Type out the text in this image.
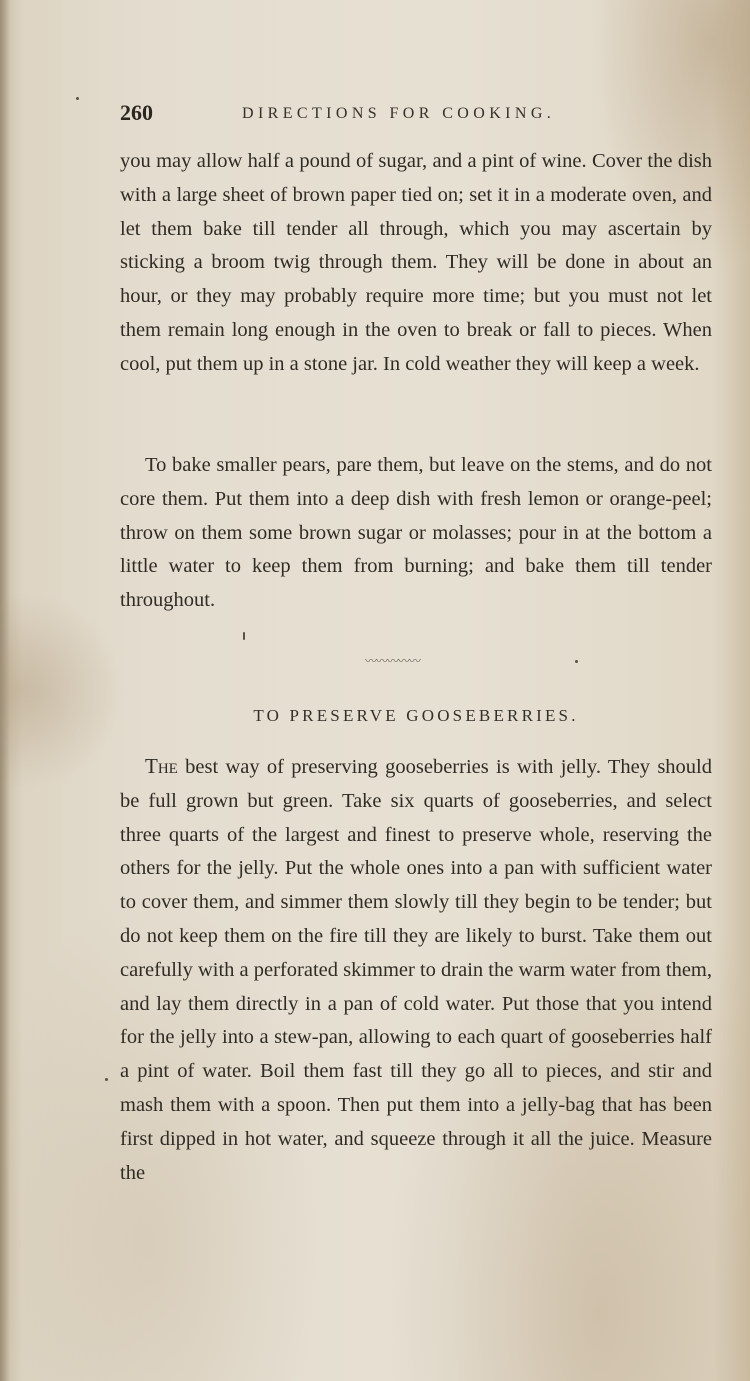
260	DIRECTIONS FOR COOKING.

you may allow half a pound of sugar, and a pint of wine. Cover the dish with a large sheet of brown paper tied on; set it in a moderate oven, and let them bake till tender all through, which you may ascertain by sticking a broom twig through them. They will be done in about an hour, or they may probably require more time; but you must not let them remain long enough in the oven to break or fall to pieces. When cool, put them up in a stone jar. In cold weather they will keep a week.

To bake smaller pears, pare them, but leave on the stems, and do not core them. Put them into a deep dish with fresh lemon or orange-peel; throw on them some brown sugar or molasses; pour in at the bottom a little water to keep them from burning; and bake them till tender throughout.

〰〰〰〰〰
TO PRESERVE GOOSEBERRIES.

The best way of preserving gooseberries is with jelly. They should be full grown but green. Take six quarts of gooseberries, and select three quarts of the largest and finest to preserve whole, reserving the others for the jelly. Put the whole ones into a pan with sufficient water to cover them, and simmer them slowly till they begin to be tender; but do not keep them on the fire till they are likely to burst. Take them out carefully with a perforated skimmer to drain the warm water from them, and lay them directly in a pan of cold water. Put those that you intend for the jelly into a stew-pan, allowing to each quart of gooseberries half a pint of water. Boil them fast till they go all to pieces, and stir and mash them with a spoon. Then put them into a jelly-bag that has been first dipped in hot water, and squeeze through it all the juice. Measure the
